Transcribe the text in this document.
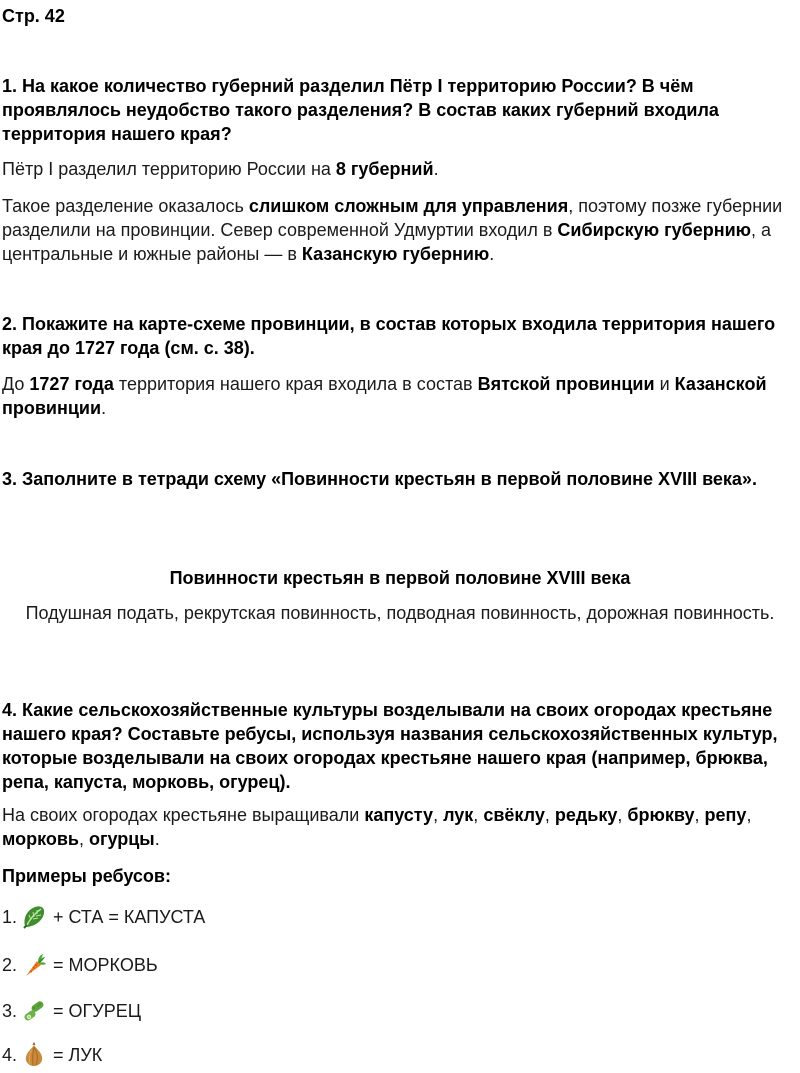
Стр. 42
1. На какое количество губерний разделил Пётр I территорию России? В чём проявлялось неудобство такого разделения? В состав каких губерний входила территория нашего края?
Пётр I разделил территорию России на 8 губерний.
Такое разделение оказалось слишком сложным для управления, поэтому позже губернии разделили на провинции. Север современной Удмуртии входил в Сибирскую губернию, а центральные и южные районы — в Казанскую губернию.
2. Покажите на карте-схеме провинции, в состав которых входила территория нашего края до 1727 года (см. с. 38).
До 1727 года территория нашего края входила в состав Вятской провинции и Казанской провинции.
3. Заполните в тетради схему «Повинности крестьян в первой половине XVIII века».
Повинности крестьян в первой половине XVIII века
Подушная подать, рекрутская повинность, подводная повинность, дорожная повинность.
4. Какие сельскохозяйственные культуры возделывали на своих огородах крестьяне нашего края? Составьте ребусы, используя названия сельскохозяйственных культур, которые возделывали на своих огородах крестьяне нашего края (например, брюква, репа, капуста, морковь, огурец).
На своих огородах крестьяне выращивали капусту, лук, свёклу, редьку, брюкву, репу, морковь, огурцы.
Примеры ребусов:
1. + СТА = КАПУСТА
2. = МОРКОВЬ
3. = ОГУРЕЦ
4. = ЛУК
